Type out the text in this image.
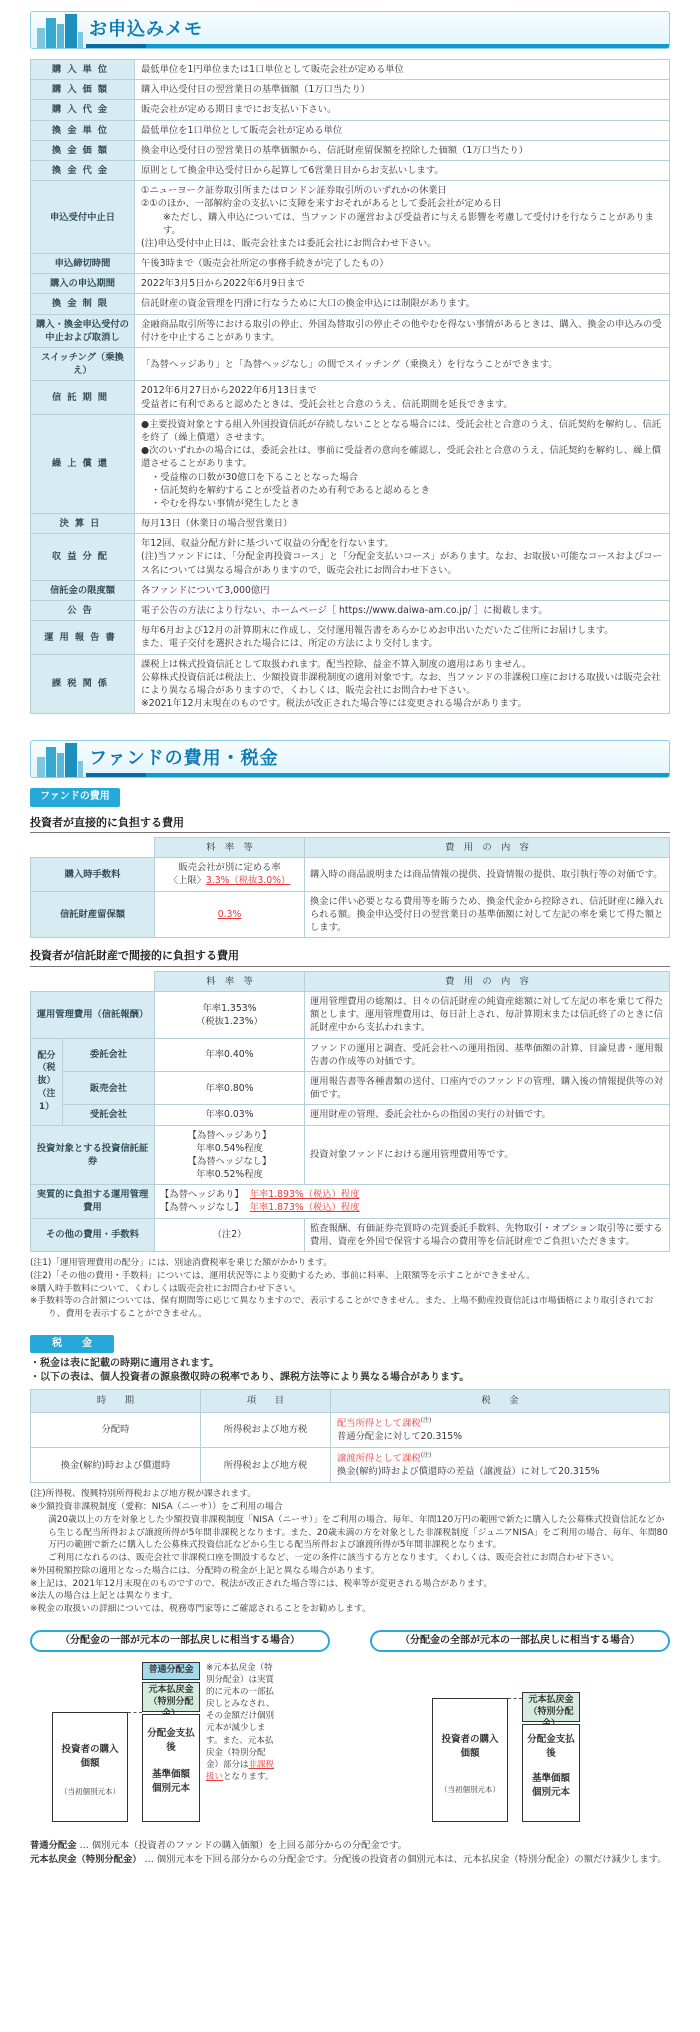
お申込みメモ
購入単位	最低単位を1円単位または1口単位として販売会社が定める単位

購入価額	購入申込受付日の翌営業日の基準価額（1万口当たり）

購入代金	販売会社が定める期日までにお支払い下さい。

換金単位	最低単位を1口単位として販売会社が定める単位

換金価額	換金申込受付日の翌営業日の基準価額から、信託財産留保額を控除した価額（1万口当たり）

換金代金	原則として換金申込受付日から起算して6営業日目からお支払いします。

申込受付中止日	①ニューヨーク証券取引所またはロンドン証券取引所のいずれかの休業日
②①のほか、一部解約金の支払いに支障を来すおそれがあるとして委託会社が定める日
※ただし、購入申込については、当ファンドの運営および受益者に与える影響を考慮して受付けを行なうことがあります。
(注)申込受付中止日は、販売会社または委託会社にお問合わせ下さい。

申込締切時間	午後3時まで（販売会社所定の事務手続きが完了したもの）

購入の申込期間	2022年3月5日から2022年6月9日まで

換金制限	信託財産の資金管理を円滑に行なうために大口の換金申込には制限があります。

購入・換金申込受付の中止および取消し	金融商品取引所等における取引の停止、外国為替取引の停止その他やむを得ない事情があるときは、購入、換金の申込みの受付けを中止することがあります。

スイッチング（乗換え）	「為替ヘッジあり」と「為替ヘッジなし」の間でスイッチング（乗換え）を行なうことができます。

信託期間	2012年6月27日から2022年6月13日まで
受益者に有利であると認めたときは、受託会社と合意のうえ、信託期間を延長できます。

繰上償還	●主要投資対象とする組入外国投資信託が存続しないこととなる場合には、受託会社と合意のうえ、信託契約を解約し、信託を終了（繰上償還）させます。
●次のいずれかの場合には、委託会社は、事前に受益者の意向を確認し、受託会社と合意のうえ、信託契約を解約し、繰上償還させることがあります。
・受益権の口数が30億口を下ることとなった場合
・信託契約を解約することが受益者のため有利であると認めるとき
・やむを得ない事情が発生したとき

決算日	毎月13日（休業日の場合翌営業日）

収益分配	年12回、収益分配方針に基づいて収益の分配を行ないます。
(注)当ファンドには、「分配金再投資コース」と「分配金支払いコース」があります。なお、お取扱い可能なコースおよびコース名については異なる場合がありますので、販売会社にお問合わせ下さい。

信託金の限度額	各ファンドについて3,000億円

公告	電子公告の方法により行ない、ホームページ［ https://www.daiwa-am.co.jp/ ］に掲載します。

運用報告書	毎年6月および12月の計算期末に作成し、交付運用報告書をあらかじめお申出いただいたご住所にお届けします。
また、電子交付を選択された場合には、所定の方法により交付します。

課税関係	課税上は株式投資信託として取扱われます。配当控除、益金不算入制度の適用はありません。
公募株式投資信託は税法上、少額投資非課税制度の適用対象です。なお、当ファンドの非課税口座における取扱いは販売会社により異なる場合がありますので、くわしくは、販売会社にお問合わせ下さい。
※2021年12月末現在のものです。税法が改正された場合等には変更される場合があります。
ファンドの費用・税金
ファンドの費用
投資者が直接的に負担する費用
	料　率　等	費　用　の　内　容
購入時手数料	販売会社が別に定める率
〈上限〉3.3%（税抜3.0%）	購入時の商品説明または商品情報の提供、投資情報の提供、取引執行等の対価です。
信託財産留保額	0.3%	換金に伴い必要となる費用等を賄うため、換金代金から控除され、信託財産に繰入れられる額。換金申込受付日の翌営業日の基準価額に対して左記の率を乗じて得た額とします。
投資者が信託財産で間接的に負担する費用
		料　率　等	費　用　の　内　容
運用管理費用（信託報酬）		年率1.353%
（税抜1.23%）	運用管理費用の総額は、日々の信託財産の純資産総額に対して左記の率を乗じて得た額とします。運用管理費用は、毎日計上され、毎計算期末または信託終了のときに信託財産中から支払われます。
配分（税抜）（注1）	委託会社	年率0.40%	ファンドの運用と調査、受託会社への運用指図、基準価額の計算、目論見書・運用報告書の作成等の対価です。
	販売会社	年率0.80%	運用報告書等各種書類の送付、口座内でのファンドの管理、購入後の情報提供等の対価です。
	受託会社	年率0.03%	運用財産の管理、委託会社からの指図の実行の対価です。
投資対象とする投資信託証券		【為替ヘッジあり】
年率0.54%程度
【為替ヘッジなし】
年率0.52%程度	投資対象ファンドにおける運用管理費用等です。
実質的に負担する運用管理費用		【為替ヘッジあり】 年率1.893%（税込）程度
【為替ヘッジなし】 年率1.873%（税込）程度	
その他の費用・手数料		（注2）	監査報酬、有価証券売買時の売買委託手数料、先物取引・オプション取引等に要する費用、資産を外国で保管する場合の費用等を信託財産でご負担いただきます。

(注1)「運用管理費用の配分」には、別途消費税率を乗じた額がかかります。

(注2)「その他の費用・手数料」については、運用状況等により変動するため、事前に料率、上限額等を示すことができません。

※購入時手数料について、くわしくは販売会社にお問合わせ下さい。

※手数料等の合計額については、保有期間等に応じて異なりますので、表示することができません。また、上場不動産投資信託は市場価格により取引されており、費用を表示することができません。

税　　金
・税金は表に記載の時期に適用されます。
・以下の表は、個人投資者の源泉徴収時の税率であり、課税方法等により異なる場合があります。
時　　期	項　　目	税　　金
分配時	所得税および地方税	配当所得として課税$^{(注)}$
普通分配金に対して20.315%
換金(解約)時および償還時	所得税および地方税	譲渡所得として課税$^{(注)}$
換金(解約)時および償還時の差益（譲渡益）に対して20.315%

(注)所得税、復興特別所得税および地方税が課されます。

※少額投資非課税制度（愛称：NISA（ニーサ））をご利用の場合

満20歳以上の方を対象とした少額投資非課税制度「NISA（ニーサ）」をご利用の場合、毎年、年間120万円の範囲で新たに購入した公募株式投資信託などから生じる配当所得および譲渡所得が5年間非課税となります。また、20歳未満の方を対象とした非課税制度「ジュニアNISA」をご利用の場合、毎年、年間80万円の範囲で新たに購入した公募株式投資信託などから生じる配当所得および譲渡所得が5年間非課税となります。

ご利用になれるのは、販売会社で非課税口座を開設するなど、一定の条件に該当する方となります。くわしくは、販売会社にお問合わせ下さい。

※外国税額控除の適用となった場合には、分配時の税金が上記と異なる場合があります。

※上記は、2021年12月末現在のものですので、税法が改正された場合等には、税率等が変更される場合があります。

※法人の場合は上記とは異なります。

※税金の取扱いの詳細については、税務専門家等にご確認されることをお勧めします。

（分配金の一部が元本の一部払戻しに相当する場合）
投資者の購入価額
（当初個別元本）
普通分配金
元本払戻金（特別分配
分配金支払後
基準価額
個別元本
※元本払戻金（特別分配金）は実質的に元本の一部払戻しとみなされ、その金額だけ個別元本が減少します。また、元本払戻金（特別分配金）部分は非課税扱いとなります。
（分配金の全部が元本の一部払戻しに相当する場合）
投資者の購入価額
（当初個別元本）
元本払戻金（特別分配
分配金支払後
基準価額
個別元本

普通分配金 … 個別元本（投資者のファンドの購入価額）を上回る部分からの分配金です。

元本払戻金（特別分配金） … 個別元本を下回る部分からの分配金です。分配後の投資者の個別元本は、元本払戻金（特別分配金）の額だけ減少します。
